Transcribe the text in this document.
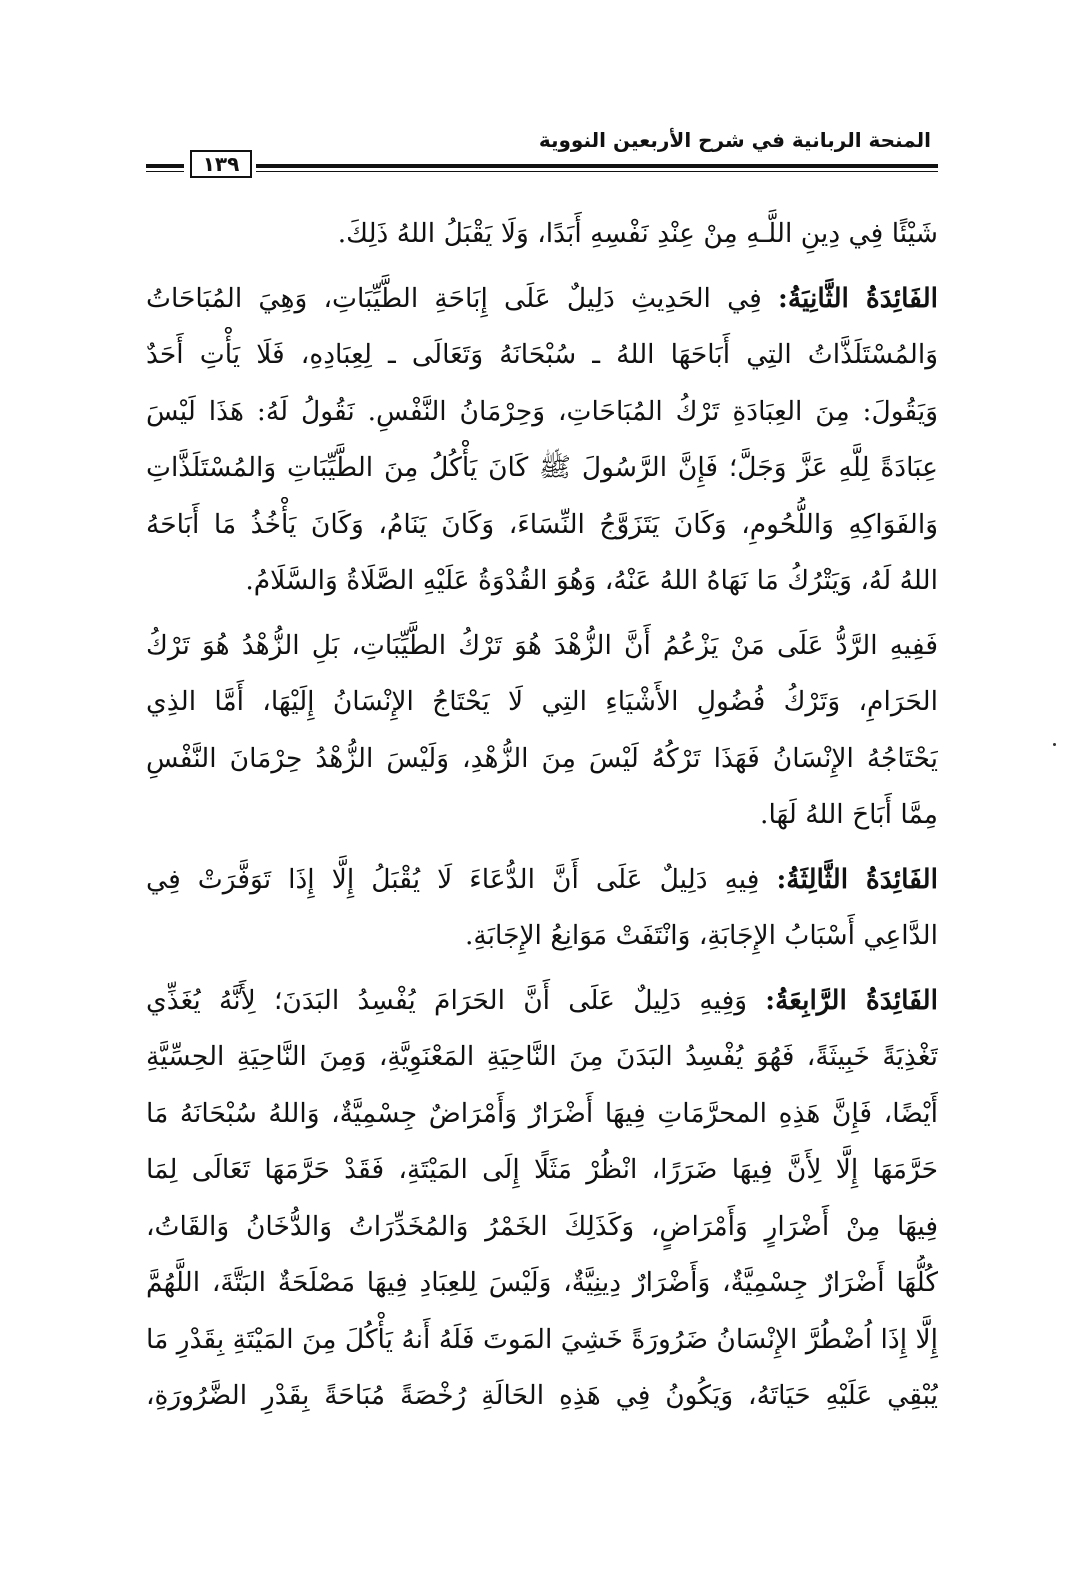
المنحة الربانية في شرح الأربعين النووية
١٣٩
شَيْئًا فِي دِينِ اللَّـهِ مِنْ عِنْدِ نَفْسِهِ أَبَدًا، وَلَا يَقْبَلُ اللهُ ذَلِكَ.
الفَائِدَةُ الثَّانِيَةُ: فِي الحَدِيثِ دَلِيلٌ عَلَى إِبَاحَةِ الطَّيِّبَاتِ، وَهِيَ المُبَاحَاتُ
وَالمُسْتَلَذَّاتُ التِي أَبَاحَهَا اللهُ ـ سُبْحَانَهُ وَتَعَالَى ـ لِعِبَادِهِ، فَلَا يَأْتِ أَحَدٌ
وَيَقُولَ: مِنَ العِبَادَةِ تَرْكُ المُبَاحَاتِ، وَحِرْمَانُ النَّفْسِ. نَقُولُ لَهُ: هَذَا لَيْسَ
عِبَادَةً لِلَّهِ عَزَّ وَجَلَّ؛ فَإِنَّ الرَّسُولَ ﷺ كَانَ يَأْكُلُ مِنَ الطَّيِّبَاتِ وَالمُسْتَلَذَّاتِ
وَالفَوَاكِهِ وَاللُّحُومِ، وَكَانَ يَتَزَوَّجُ النِّسَاءَ، وَكَانَ يَنَامُ، وَكَانَ يَأْخُذُ مَا أَبَاحَهُ
اللهُ لَهُ، وَيَتْرُكُ مَا نَهَاهُ اللهُ عَنْهُ، وَهُوَ القُدْوَةُ عَلَيْهِ الصَّلَاةُ وَالسَّلَامُ.
فَفِيهِ الرَّدُّ عَلَى مَنْ يَزْعُمُ أَنَّ الزُّهْدَ هُوَ تَرْكُ الطَّيِّبَاتِ، بَلِ الزُّهْدُ هُوَ تَرْكُ
الحَرَامِ، وَتَرْكُ فُضُولِ الأَشْيَاءِ التِي لَا يَحْتَاجُ الإِنْسَانُ إِلَيْهَا، أَمَّا الذِي
يَحْتَاجُهُ الإِنْسَانُ فَهَذَا تَرْكُهُ لَيْسَ مِنَ الزُّهْدِ، وَلَيْسَ الزُّهْدُ حِرْمَانَ النَّفْسِ
مِمَّا أَبَاحَ اللهُ لَهَا.
الفَائِدَةُ الثَّالِثَةُ: فِيهِ دَلِيلٌ عَلَى أَنَّ الدُّعَاءَ لَا يُقْبَلُ إِلَّا إِذَا تَوَفَّرَتْ فِي
الدَّاعِي أَسْبَابُ الإِجَابَةِ، وَانْتَفَتْ مَوَانِعُ الإِجَابَةِ.
الفَائِدَةُ الرَّابِعَةُ: وَفِيهِ دَلِيلٌ عَلَى أَنَّ الحَرَامَ يُفْسِدُ البَدَنَ؛ لِأَنَّهُ يُغَذِّي
تَغْذِيَةً خَبِيثَةً، فَهُوَ يُفْسِدُ البَدَنَ مِنَ النَّاحِيَةِ المَعْنَوِيَّةِ، وَمِنَ النَّاحِيَةِ الحِسِّيَّةِ
أَيْضًا، فَإِنَّ هَذِهِ المحرَّمَاتِ فِيهَا أَضْرَارٌ وَأَمْرَاضٌ جِسْمِيَّةٌ، وَاللهُ سُبْحَانَهُ مَا
حَرَّمَهَا إِلَّا لِأَنَّ فِيهَا ضَرَرًا، انْظُرْ مَثَلًا إِلَى المَيْتَةِ، فَقَدْ حَرَّمَهَا تَعَالَى لِمَا
فِيهَا مِنْ أَضْرَارٍ وَأَمْرَاضٍ، وَكَذَلِكَ الخَمْرُ وَالمُخَدِّرَاتُ وَالدُّخَانُ وَالقَاتُ،
كُلُّهَا أَضْرَارٌ جِسْمِيَّةٌ، وَأَضْرَارٌ دِينِيَّةٌ، وَلَيْسَ لِلعِبَادِ فِيهَا مَصْلَحَةٌ البَتَّةَ، اللَّهُمَّ
إِلَّا إِذَا اُضْطُرَّ الإِنْسَانُ ضَرُورَةً خَشِيَ المَوتَ فَلَهُ أَنهُ يَأْكُلَ مِنَ المَيْتَةِ بِقَدْرِ مَا
يُبْقِي عَلَيْهِ حَيَاتَهُ، وَيَكُونُ فِي هَذِهِ الحَالَةِ رُخْصَةً مُبَاحَةً بِقَدْرِ الضَّرُورَةِ،
